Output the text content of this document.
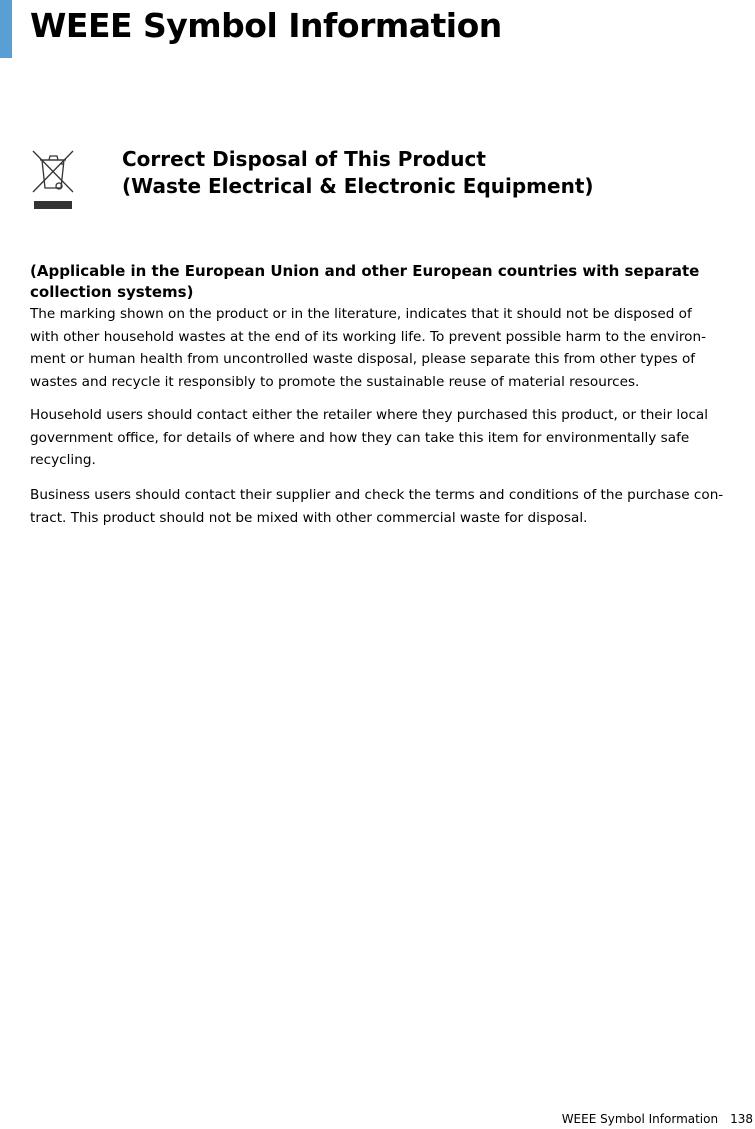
WEEE Symbol Information
Correct Disposal of This Product
(Waste Electrical & Electronic Equipment)
(Applicable in the European Union and other European countries with separate
collection systems)
The marking shown on the product or in the literature, indicates that it should not be disposed of
with other household wastes at the end of its working life. To prevent possible harm to the environ-
ment or human health from uncontrolled waste disposal, please separate this from other types of
wastes and recycle it responsibly to promote the sustainable reuse of material resources.
Household users should contact either the retailer where they purchased this product, or their local
government office, for details of where and how they can take this item for environmentally safe
recycling.
Business users should contact their supplier and check the terms and conditions of the purchase con-
tract. This product should not be mixed with other commercial waste for disposal.
WEEE Symbol Information 138
